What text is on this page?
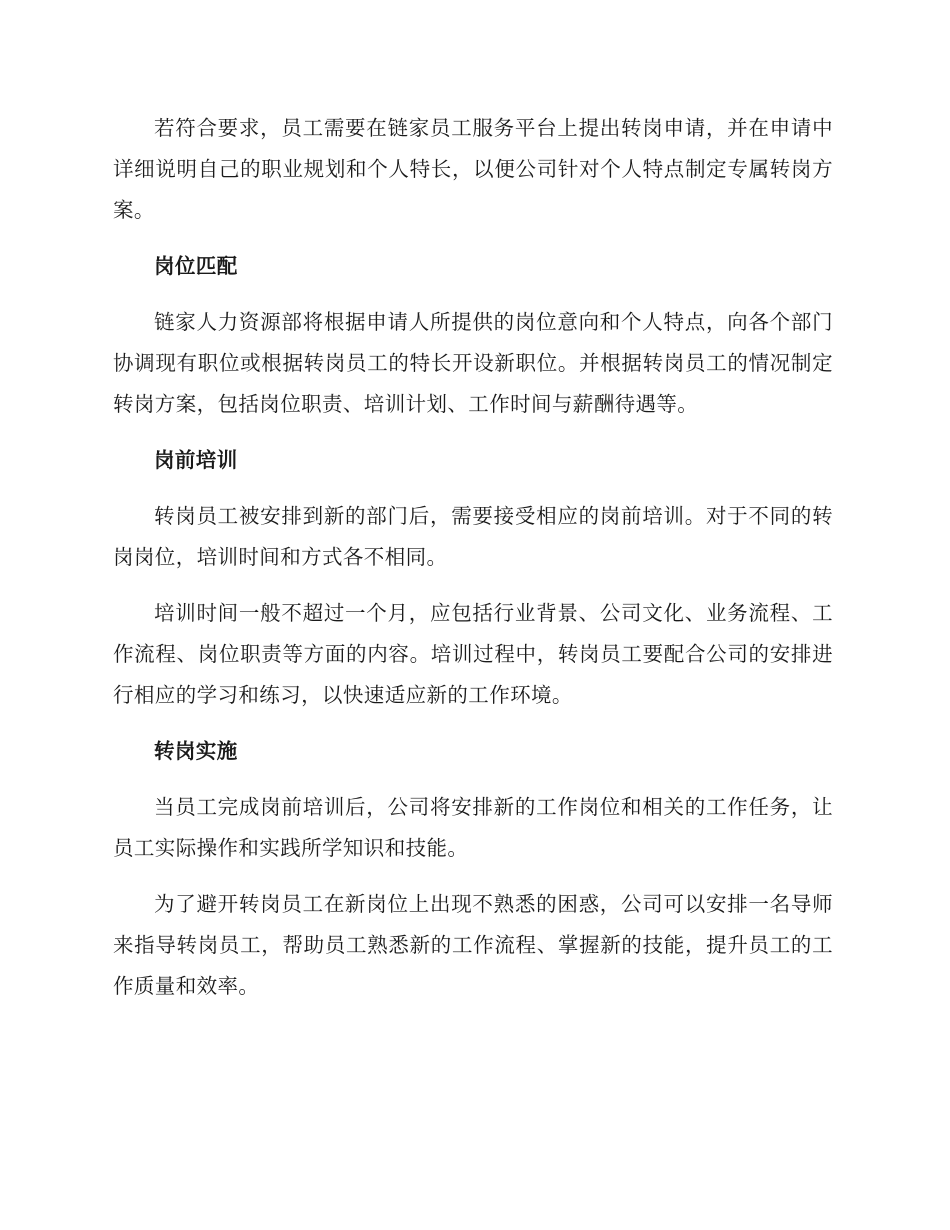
若符合要求，员工需要在链家员工服务平台上提出转岗申请，并在申请中详细说明自己的职业规划和个人特长，以便公司针对个人特点制定专属转岗方案。

岗位匹配

链家人力资源部将根据申请人所提供的岗位意向和个人特点，向各个部门协调现有职位或根据转岗员工的特长开设新职位。并根据转岗员工的情况制定转岗方案，包括岗位职责、培训计划、工作时间与薪酬待遇等。

岗前培训

转岗员工被安排到新的部门后，需要接受相应的岗前培训。对于不同的转岗岗位，培训时间和方式各不相同。

培训时间一般不超过一个月，应包括行业背景、公司文化、业务流程、工作流程、岗位职责等方面的内容。培训过程中，转岗员工要配合公司的安排进行相应的学习和练习，以快速适应新的工作环境。

转岗实施

当员工完成岗前培训后，公司将安排新的工作岗位和相关的工作任务，让员工实际操作和实践所学知识和技能。

为了避开转岗员工在新岗位上出现不熟悉的困惑，公司可以安排一名导师来指导转岗员工，帮助员工熟悉新的工作流程、掌握新的技能，提升员工的工作质量和效率。
